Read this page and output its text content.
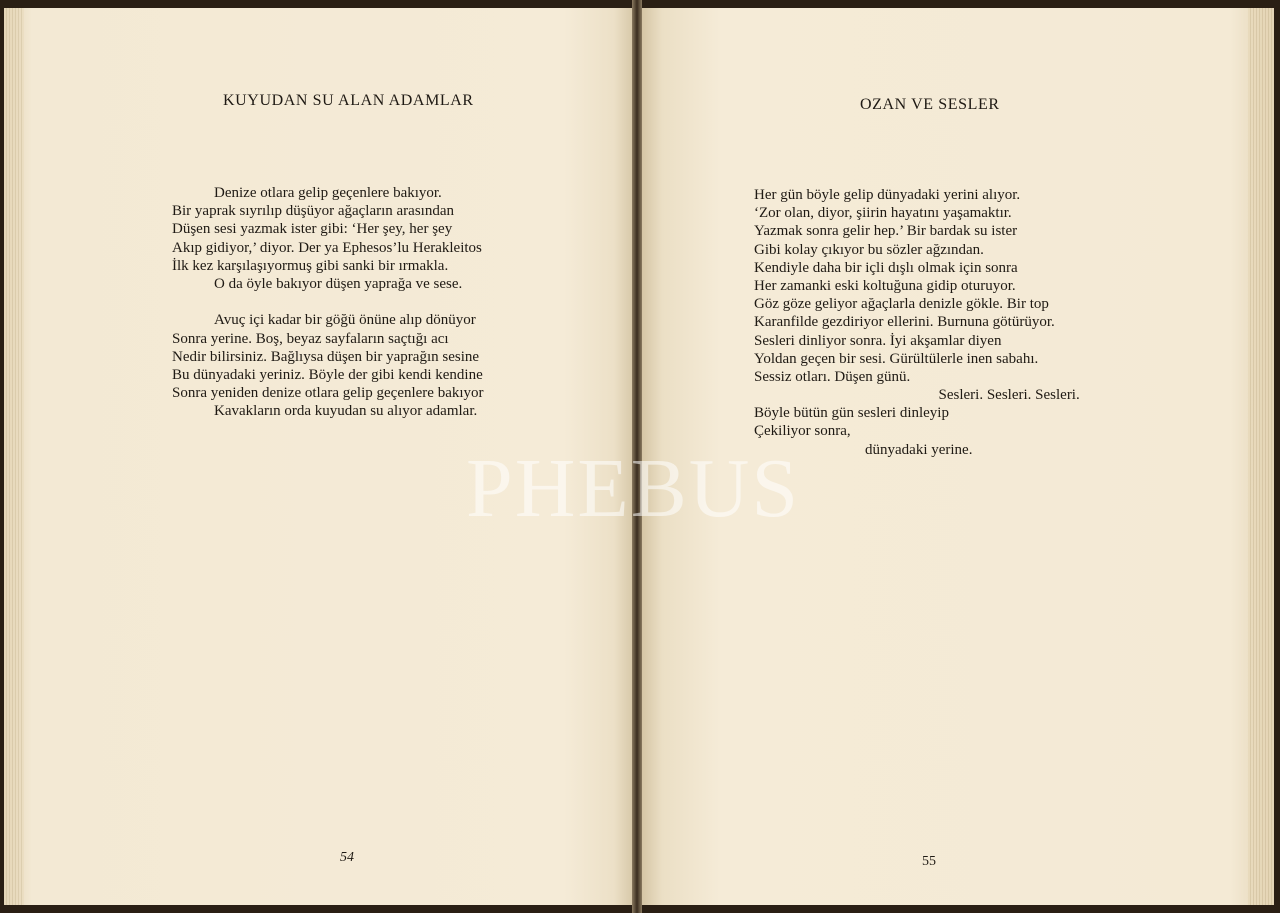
KUYUDAN SU ALAN ADAMLAR
Denize otlara gelip geçenlere bakıyor.
Bir yaprak sıyrılıp düşüyor ağaçların arasından
Düşen sesi yazmak ister gibi: ‘Her şey, her şey
Akıp gidiyor,’ diyor. Der ya Ephesos’lu Herakleitos
İlk kez karşılaşıyormuş gibi sanki bir ırmakla.
O da öyle bakıyor düşen yaprağa ve sese.
Avuç içi kadar bir göğü önüne alıp dönüyor
Sonra yerine. Boş, beyaz sayfaların saçtığı acı
Nedir bilirsiniz. Bağlıysa düşen bir yaprağın sesine
Bu dünyadaki yeriniz. Böyle der gibi kendi kendine
Sonra yeniden denize otlara gelip geçenlere bakıyor
Kavakların orda kuyudan su alıyor adamlar.
54
OZAN VE SESLER
Her gün böyle gelip dünyadaki yerini alıyor.
‘Zor olan, diyor, şiirin hayatını yaşamaktır.
Yazmak sonra gelir hep.’ Bir bardak su ister
Gibi kolay çıkıyor bu sözler ağzından.
Kendiyle daha bir içli dışlı olmak için sonra
Her zamanki eski koltuğuna gidip oturuyor.
Göz göze geliyor ağaçlarla denizle gökle. Bir top
Karanfilde gezdiriyor ellerini. Burnuna götürüyor.
Sesleri dinliyor sonra. İyi akşamlar diyen
Yoldan geçen bir sesi. Gürültülerle inen sabahı.
Sessiz otları. Düşen günü.
Sesleri. Sesleri. Sesleri.
Böyle bütün gün sesleri dinleyip
Çekiliyor sonra,
dünyadaki yerine.
55
PHEBUS
